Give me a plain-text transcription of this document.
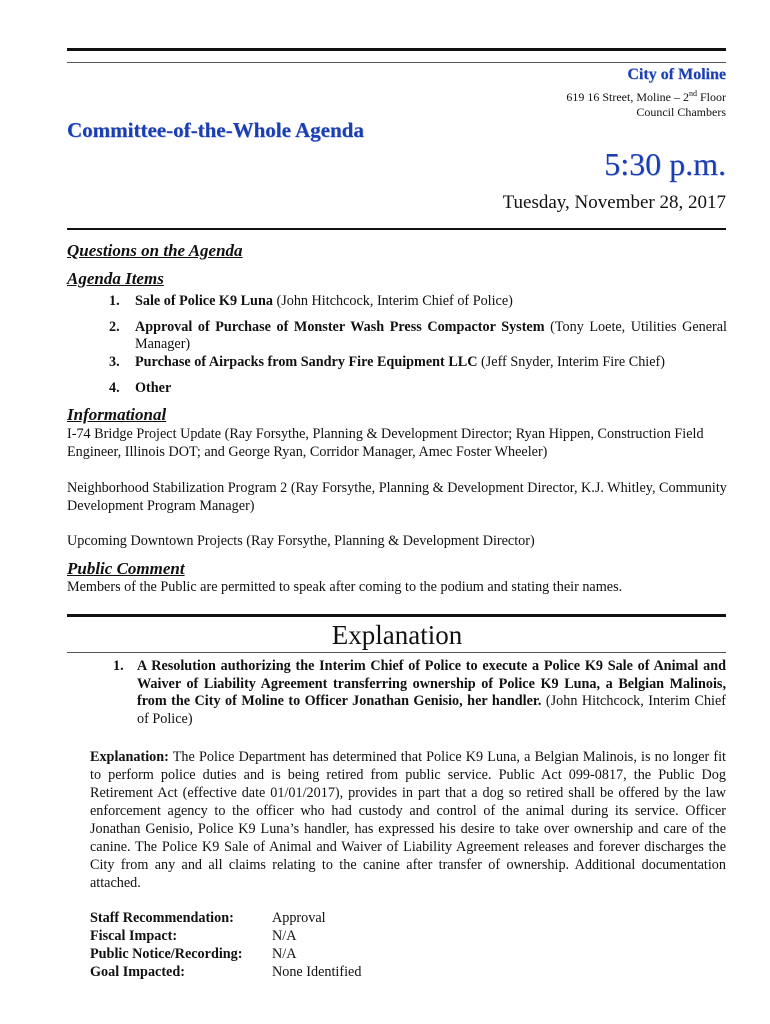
City of Moline
619 16 Street, Moline – 2nd Floor
Council Chambers
Committee-of-the-Whole Agenda
5:30 p.m.
Tuesday, November 28, 2017
Questions on the Agenda
Agenda Items
1. Sale of Police K9 Luna (John Hitchcock, Interim Chief of Police)
2. Approval of Purchase of Monster Wash Press Compactor System (Tony Loete, Utilities General Manager)
3. Purchase of Airpacks from Sandry Fire Equipment LLC (Jeff Snyder, Interim Fire Chief)
4. Other
Informational
I-74 Bridge Project Update (Ray Forsythe, Planning & Development Director; Ryan Hippen, Construction Field Engineer, Illinois DOT; and George Ryan, Corridor Manager, Amec Foster Wheeler)
Neighborhood Stabilization Program 2 (Ray Forsythe, Planning & Development Director, K.J. Whitley, Community Development Program Manager)
Upcoming Downtown Projects (Ray Forsythe, Planning & Development Director)
Public Comment
Members of the Public are permitted to speak after coming to the podium and stating their names.
Explanation
1. A Resolution authorizing the Interim Chief of Police to execute a Police K9 Sale of Animal and Waiver of Liability Agreement transferring ownership of Police K9 Luna, a Belgian Malinois, from the City of Moline to Officer Jonathan Genisio, her handler. (John Hitchcock, Interim Chief of Police)
Explanation: The Police Department has determined that Police K9 Luna, a Belgian Malinois, is no longer fit to perform police duties and is being retired from public service. Public Act 099-0817, the Public Dog Retirement Act (effective date 01/01/2017), provides in part that a dog so retired shall be offered by the law enforcement agency to the officer who had custody and control of the animal during its service. Officer Jonathan Genisio, Police K9 Luna’s handler, has expressed his desire to take over ownership and care of the canine. The Police K9 Sale of Animal and Waiver of Liability Agreement releases and forever discharges the City from any and all claims relating to the canine after transfer of ownership. Additional documentation attached.
Staff Recommendation:	Approval
Fiscal Impact:	N/A
Public Notice/Recording:	N/A
Goal Impacted:	None Identified
